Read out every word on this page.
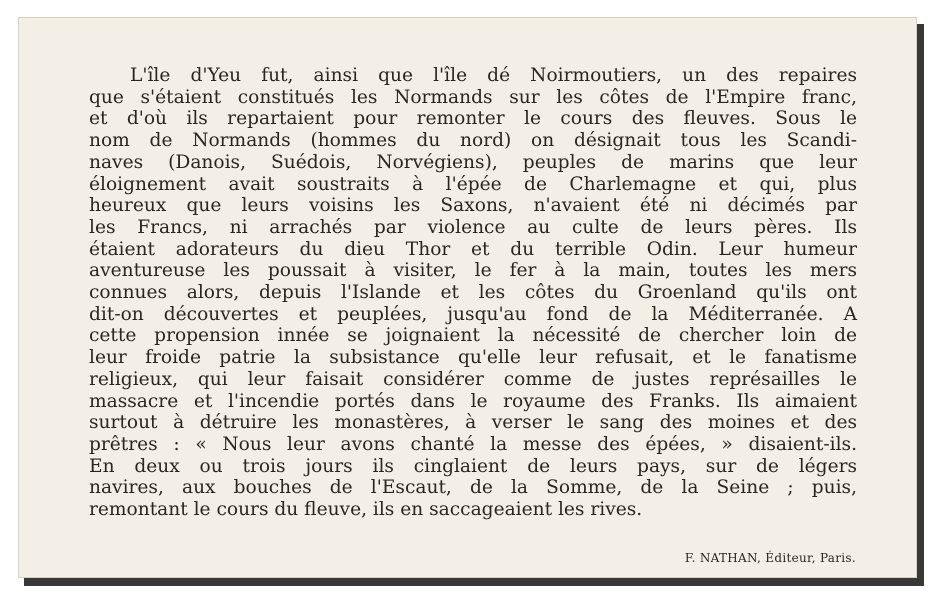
L'île d'Yeu fut, ainsi que l'île dé Noirmoutiers, un des repaires
que s'étaient constitués les Normands sur les côtes de l'Empire franc,
et d'où ils repartaient pour remonter le cours des fleuves. Sous le
nom de Normands (hommes du nord) on désignait tous les Scandi-
naves (Danois, Suédois, Norvégiens), peuples de marins que leur
éloignement avait soustraits à l'épée de Charlemagne et qui, plus
heureux que leurs voisins les Saxons, n'avaient été ni décimés par
les Francs, ni arrachés par violence au culte de leurs pères. Ils
étaient adorateurs du dieu Thor et du terrible Odin. Leur humeur
aventureuse les poussait à visiter, le fer à la main, toutes les mers
connues alors, depuis l'Islande et les côtes du Groenland qu'ils ont
dit-on découvertes et peuplées, jusqu'au fond de la Méditerranée. A
cette propension innée se joignaient la nécessité de chercher loin de
leur froide patrie la subsistance qu'elle leur refusait, et le fanatisme
religieux, qui leur faisait considérer comme de justes représailles le
massacre et l'incendie portés dans le royaume des Franks. Ils aimaient
surtout à détruire les monastères, à verser le sang des moines et des
prêtres : « Nous leur avons chanté la messe des épées, » disaient-ils.
En deux ou trois jours ils cinglaient de leurs pays, sur de légers
navires, aux bouches de l'Escaut, de la Somme, de la Seine ; puis,
remontant le cours du fleuve, ils en saccageaient les rives.
F. NATHAN, Éditeur, Paris.
